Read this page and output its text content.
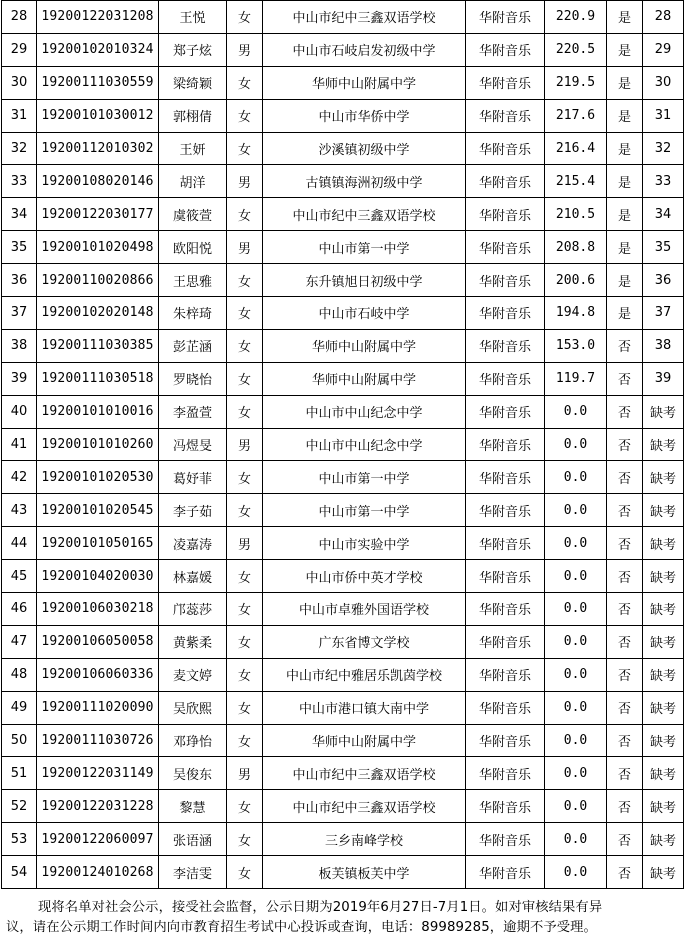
28	19200122031208	王悦	女	中山市纪中三鑫双语学校	华附音乐	220.9	是	28
29	19200102010324	郑子炫	男	中山市石岐启发初级中学	华附音乐	220.5	是	29
30	19200111030559	梁绮颖	女	华师中山附属中学	华附音乐	219.5	是	30
31	19200101030012	郭栩倩	女	中山市华侨中学	华附音乐	217.6	是	31
32	19200112010302	王妍	女	沙溪镇初级中学	华附音乐	216.4	是	32
33	19200108020146	胡洋	男	古镇镇海洲初级中学	华附音乐	215.4	是	33
34	19200122030177	虞筱萱	女	中山市纪中三鑫双语学校	华附音乐	210.5	是	34
35	19200101020498	欧阳悦	男	中山市第一中学	华附音乐	208.8	是	35
36	19200110020866	王思雅	女	东升镇旭日初级中学	华附音乐	200.6	是	36
37	19200102020148	朱梓琦	女	中山市石岐中学	华附音乐	194.8	是	37
38	19200111030385	彭芷涵	女	华师中山附属中学	华附音乐	153.0	否	38
39	19200111030518	罗晓怡	女	华师中山附属中学	华附音乐	119.7	否	39
40	19200101010016	李盈萱	女	中山市中山纪念中学	华附音乐	0.0	否	缺考
41	19200101010260	冯煜旻	男	中山市中山纪念中学	华附音乐	0.0	否	缺考
42	19200101020530	葛妤菲	女	中山市第一中学	华附音乐	0.0	否	缺考
43	19200101020545	李子茹	女	中山市第一中学	华附音乐	0.0	否	缺考
44	19200101050165	凌嘉涛	男	中山市实验中学	华附音乐	0.0	否	缺考
45	19200104020030	林嘉媛	女	中山市侨中英才学校	华附音乐	0.0	否	缺考
46	19200106030218	邝蕊莎	女	中山市卓雅外国语学校	华附音乐	0.0	否	缺考
47	19200106050058	黄紫柔	女	广东省博文学校	华附音乐	0.0	否	缺考
48	19200106060336	麦文婷	女	中山市纪中雅居乐凯茵学校	华附音乐	0.0	否	缺考
49	19200111020090	吴欣熙	女	中山市港口镇大南中学	华附音乐	0.0	否	缺考
50	19200111030726	邓琤怡	女	华师中山附属中学	华附音乐	0.0	否	缺考
51	19200122031149	吴俊东	男	中山市纪中三鑫双语学校	华附音乐	0.0	否	缺考
52	19200122031228	黎慧	女	中山市纪中三鑫双语学校	华附音乐	0.0	否	缺考
53	19200122060097	张语涵	女	三乡南峰学校	华附音乐	0.0	否	缺考
54	19200124010268	李洁雯	女	板芙镇板芙中学	华附音乐	0.0	否	缺考

现将名单对社会公示，接受社会监督，公示日期为2019年6月27日-7月1日。如对审核结果有异

议，请在公示期工作时间内向市教育招生考试中心投诉或查询，电话：89989285，逾期不予受理。
